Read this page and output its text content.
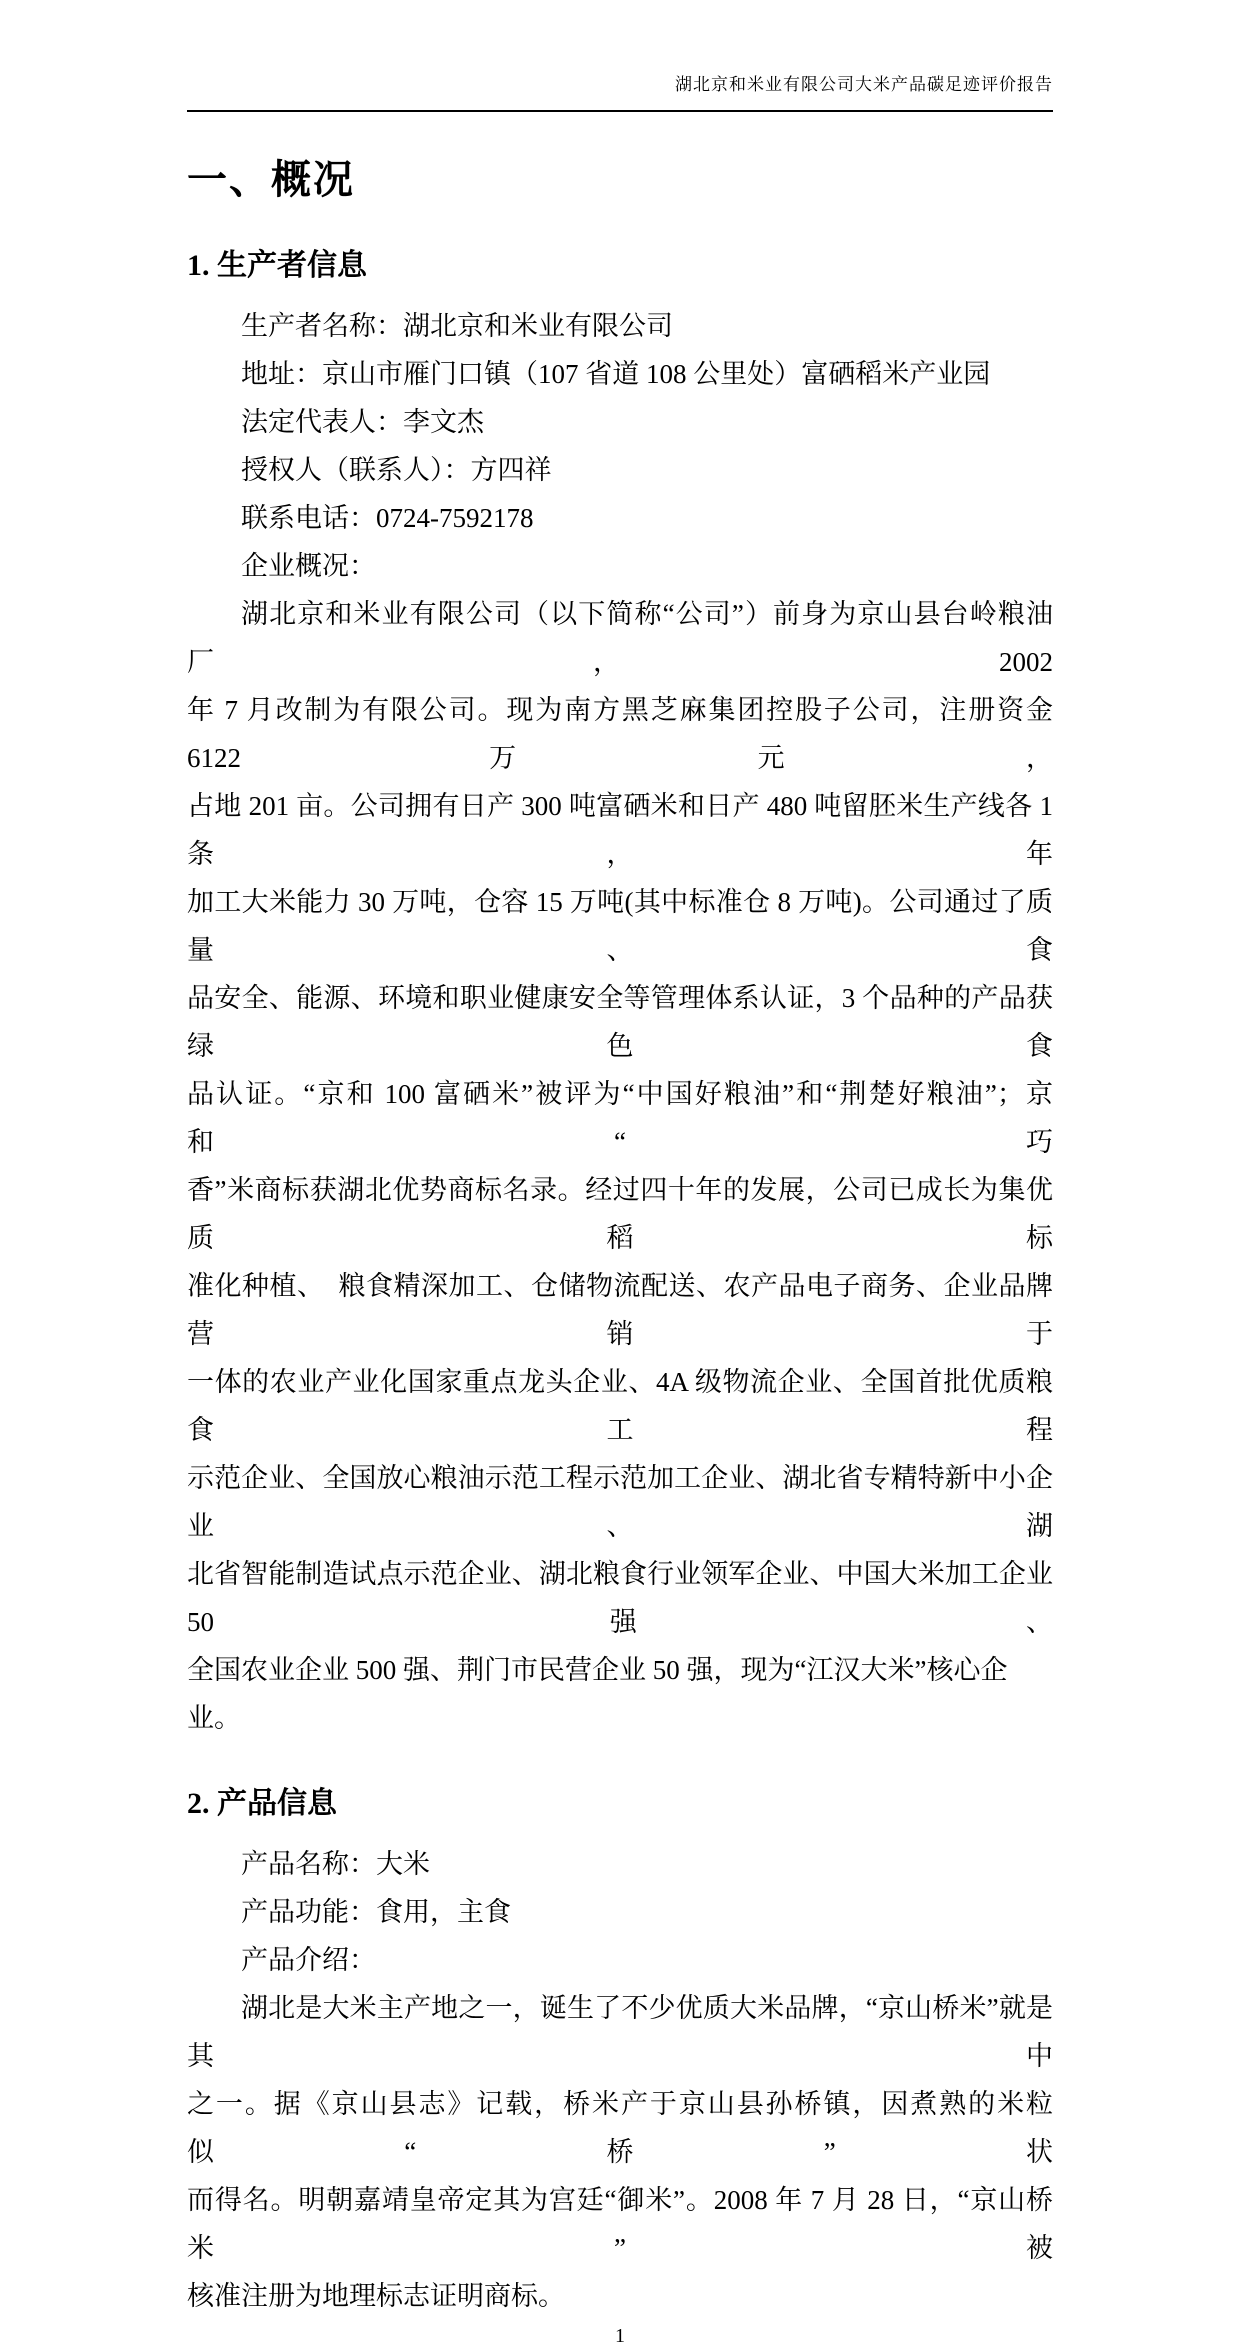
湖北京和米业有限公司大米产品碳足迹评价报告
一、概况
1. 生产者信息
生产者名称：湖北京和米业有限公司
地址：京山市雁门口镇（107 省道 108 公里处）富硒稻米产业园
法定代表人：李文杰
授权人（联系人）：方四祥
联系电话：0724-7592178
企业概况：
湖北京和米业有限公司（以下简称“公司”）前身为京山县台岭粮油厂，2002
年 7 月改制为有限公司。现为南方黑芝麻集团控股子公司，注册资金 6122 万元，
占地 201 亩。公司拥有日产 300 吨富硒米和日产 480 吨留胚米生产线各 1 条，年
加工大米能力 30 万吨，仓容 15 万吨(其中标准仓 8 万吨)。公司通过了质量、食
品安全、能源、环境和职业健康安全等管理体系认证，3 个品种的产品获绿色食
品认证。“京和 100 富硒米”被评为“中国好粮油”和“荆楚好粮油”；京和“巧
香”米商标获湖北优势商标名录。经过四十年的发展，公司已成长为集优质稻标
准化种植、　粮食精深加工、仓储物流配送、农产品电子商务、企业品牌营销于
一体的农业产业化国家重点龙头企业、4A 级物流企业、全国首批优质粮食工程
示范企业、全国放心粮油示范工程示范加工企业、湖北省专精特新中小企业、湖
北省智能制造试点示范企业、湖北粮食行业领军企业、中国大米加工企业 50 强、
全国农业企业 500 强、荆门市民营企业 50 强，现为“江汉大米”核心企业。
2. 产品信息
产品名称：大米
产品功能：食用，主食
产品介绍：
湖北是大米主产地之一，诞生了不少优质大米品牌，“京山桥米”就是其中
之一。据《京山县志》记载，桥米产于京山县孙桥镇，因煮熟的米粒似“桥”状
而得名。明朝嘉靖皇帝定其为宫廷“御米”。2008 年 7 月 28 日，“京山桥米”被
核准注册为地理标志证明商标。
1
